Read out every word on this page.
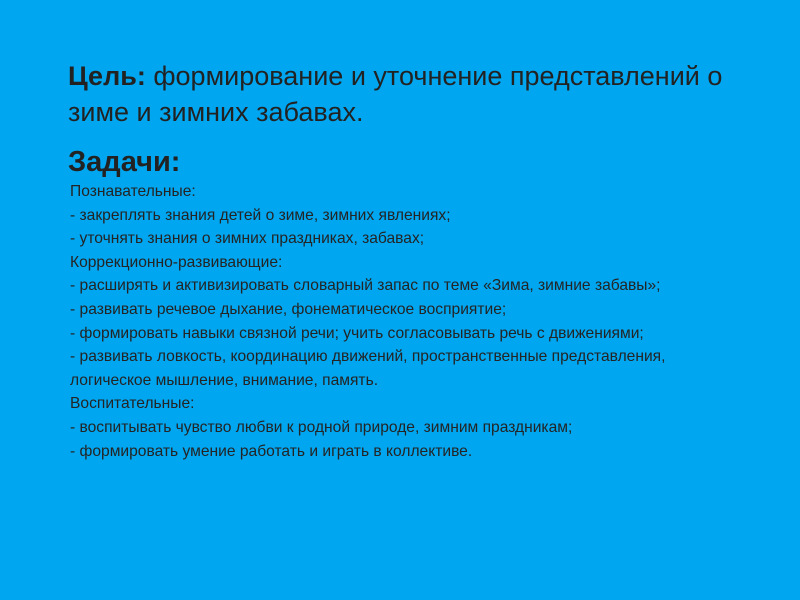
Цель: формирование и уточнение представлений о зиме и зимних забавах.
Задачи:
Познавательные:
- закреплять знания детей о зиме, зимних явлениях;
- уточнять знания о зимних праздниках, забавах;
Коррекционно-развивающие:
- расширять и активизировать словарный запас по теме «Зима, зимние забавы»;
- развивать речевое дыхание, фонематическое восприятие;
- формировать навыки связной речи; учить согласовывать речь с движениями;
- развивать ловкость, координацию движений, пространственные представления, логическое мышление, внимание, память.
Воспитательные:
- воспитывать чувство любви к родной природе, зимним праздникам;
- формировать умение работать и играть в коллективе.
